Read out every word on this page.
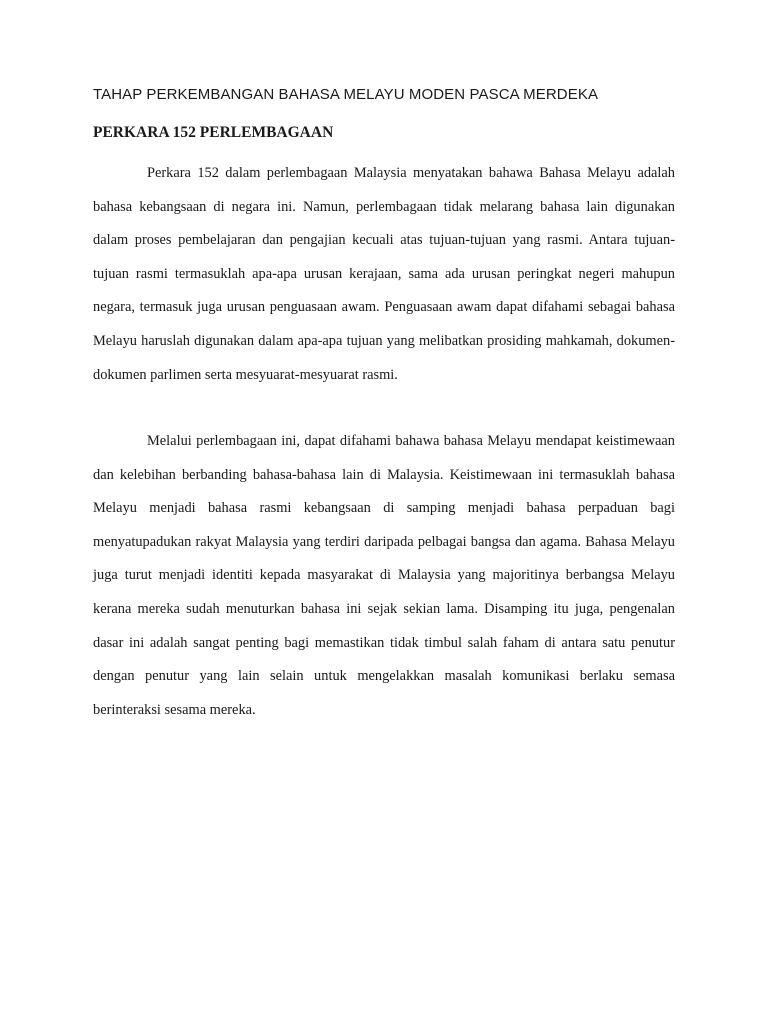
TAHAP PERKEMBANGAN BAHASA MELAYU MODEN PASCA MERDEKA
PERKARA 152 PERLEMBAGAAN

Perkara 152 dalam perlembagaan Malaysia menyatakan bahawa Bahasa Melayu adalah bahasa kebangsaan di negara ini. Namun, perlembagaan tidak melarang bahasa lain digunakan dalam proses pembelajaran dan pengajian kecuali atas tujuan-tujuan yang rasmi. Antara tujuan-tujuan rasmi termasuklah apa-apa urusan kerajaan, sama ada urusan peringkat negeri mahupun negara, termasuk juga urusan penguasaan awam. Penguasaan awam dapat difahami sebagai bahasa Melayu haruslah digunakan dalam apa-apa tujuan yang melibatkan prosiding mahkamah, dokumen-dokumen parlimen serta mesyuarat-mesyuarat rasmi.

Melalui perlembagaan ini, dapat difahami bahawa bahasa Melayu mendapat keistimewaan dan kelebihan berbanding bahasa-bahasa lain di Malaysia. Keistimewaan ini termasuklah bahasa Melayu menjadi bahasa rasmi kebangsaan di samping menjadi bahasa perpaduan bagi menyatupadukan rakyat Malaysia yang terdiri daripada pelbagai bangsa dan agama. Bahasa Melayu juga turut menjadi identiti kepada masyarakat di Malaysia yang majoritinya berbangsa Melayu kerana mereka sudah menuturkan bahasa ini sejak sekian lama. Disamping itu juga, pengenalan dasar ini adalah sangat penting bagi memastikan tidak timbul salah faham di antara satu penutur dengan penutur yang lain selain untuk mengelakkan masalah komunikasi berlaku semasa berinteraksi sesama mereka.
